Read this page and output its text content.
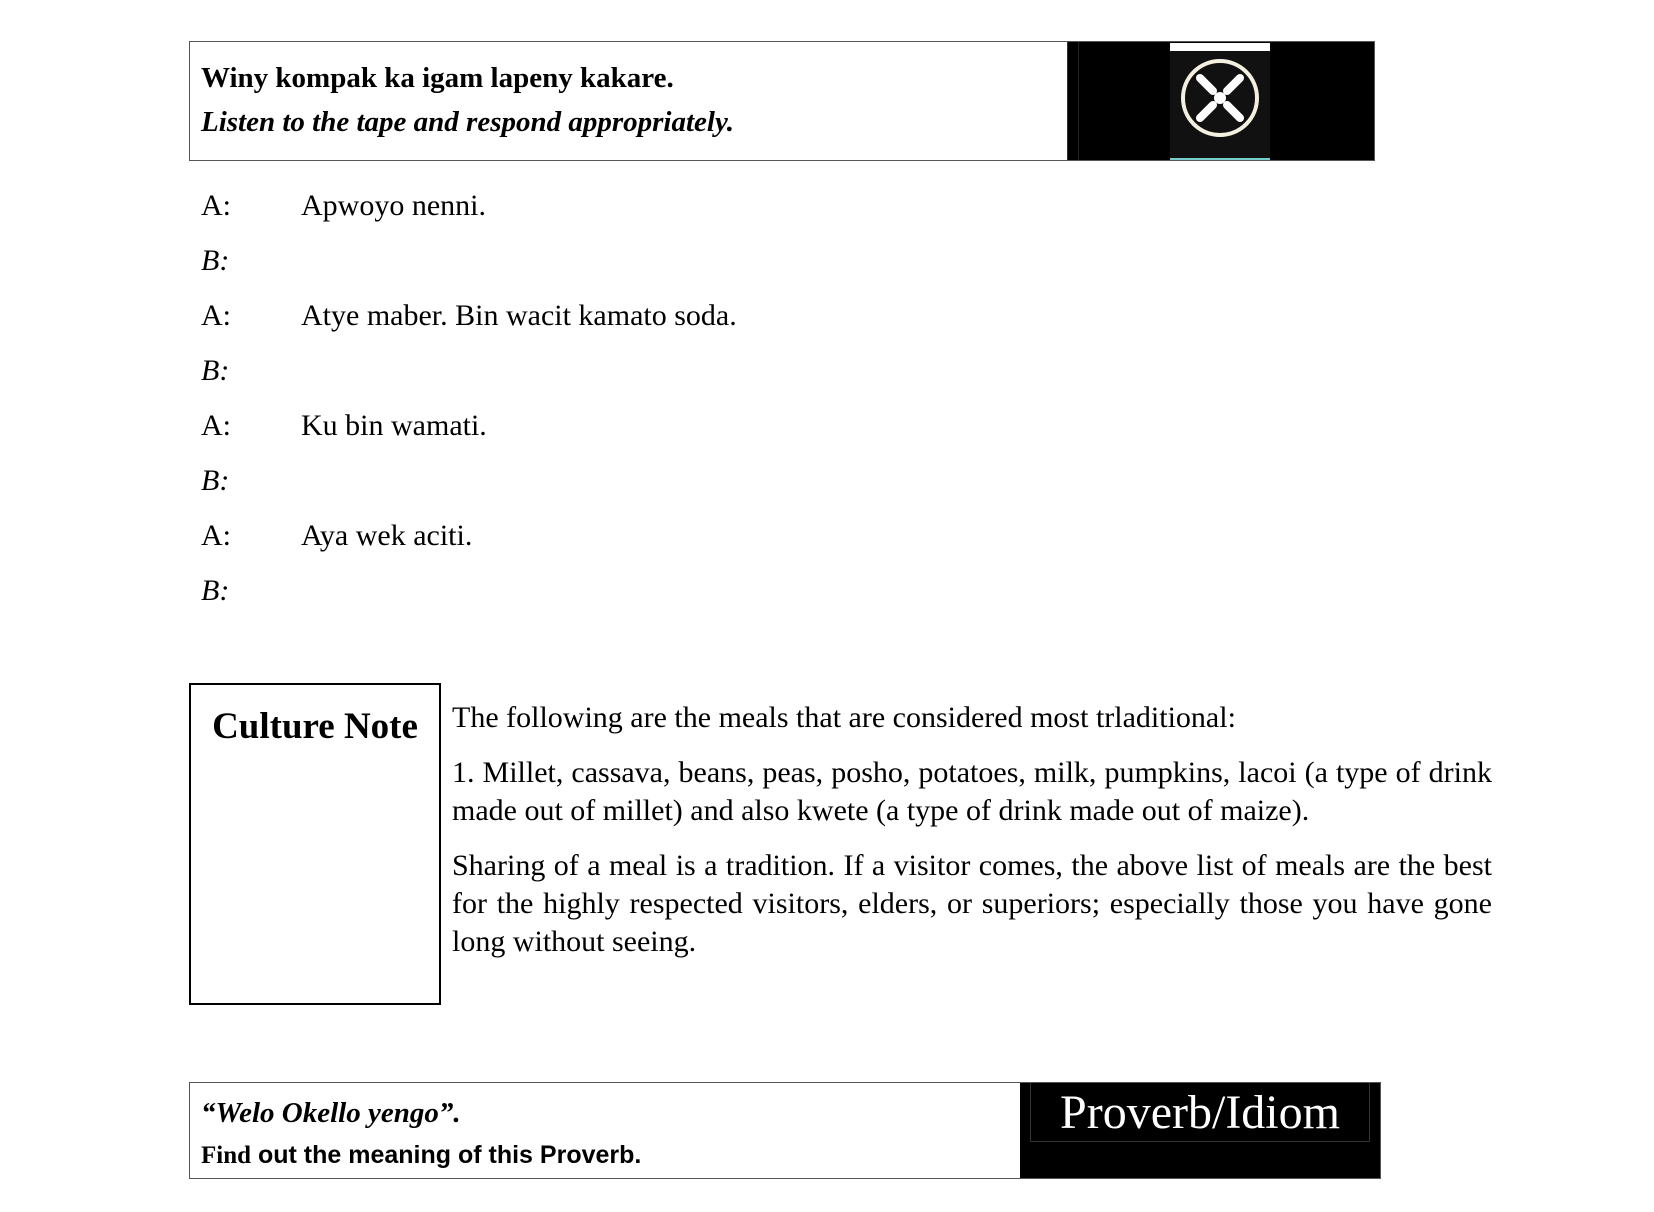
Winy kompak ka igam lapeny kakare.
Listen to the tape and respond appropriately.
A:	Apwoyo nenni.
B:
A:	Atye maber. Bin wacit kamato soda.
B:
A:	Ku bin wamati.
B:
A:	Aya wek aciti.
B:
Culture Note	The following are the meals that are considered most trladitional:

1. Millet, cassava, beans, peas, posho, potatoes, milk, pumpkins, lacoi (a type of drink made out of millet) and also kwete (a type of drink made out of maize).

Sharing of a meal is a tradition. If a visitor comes, the above list of meals are the best for the highly respected visitors, elders, or superiors; especially those you have gone long without seeing.

“Welo Okello yengo”.
Find out the meaning of this Proverb.
Proverb/Idiom
